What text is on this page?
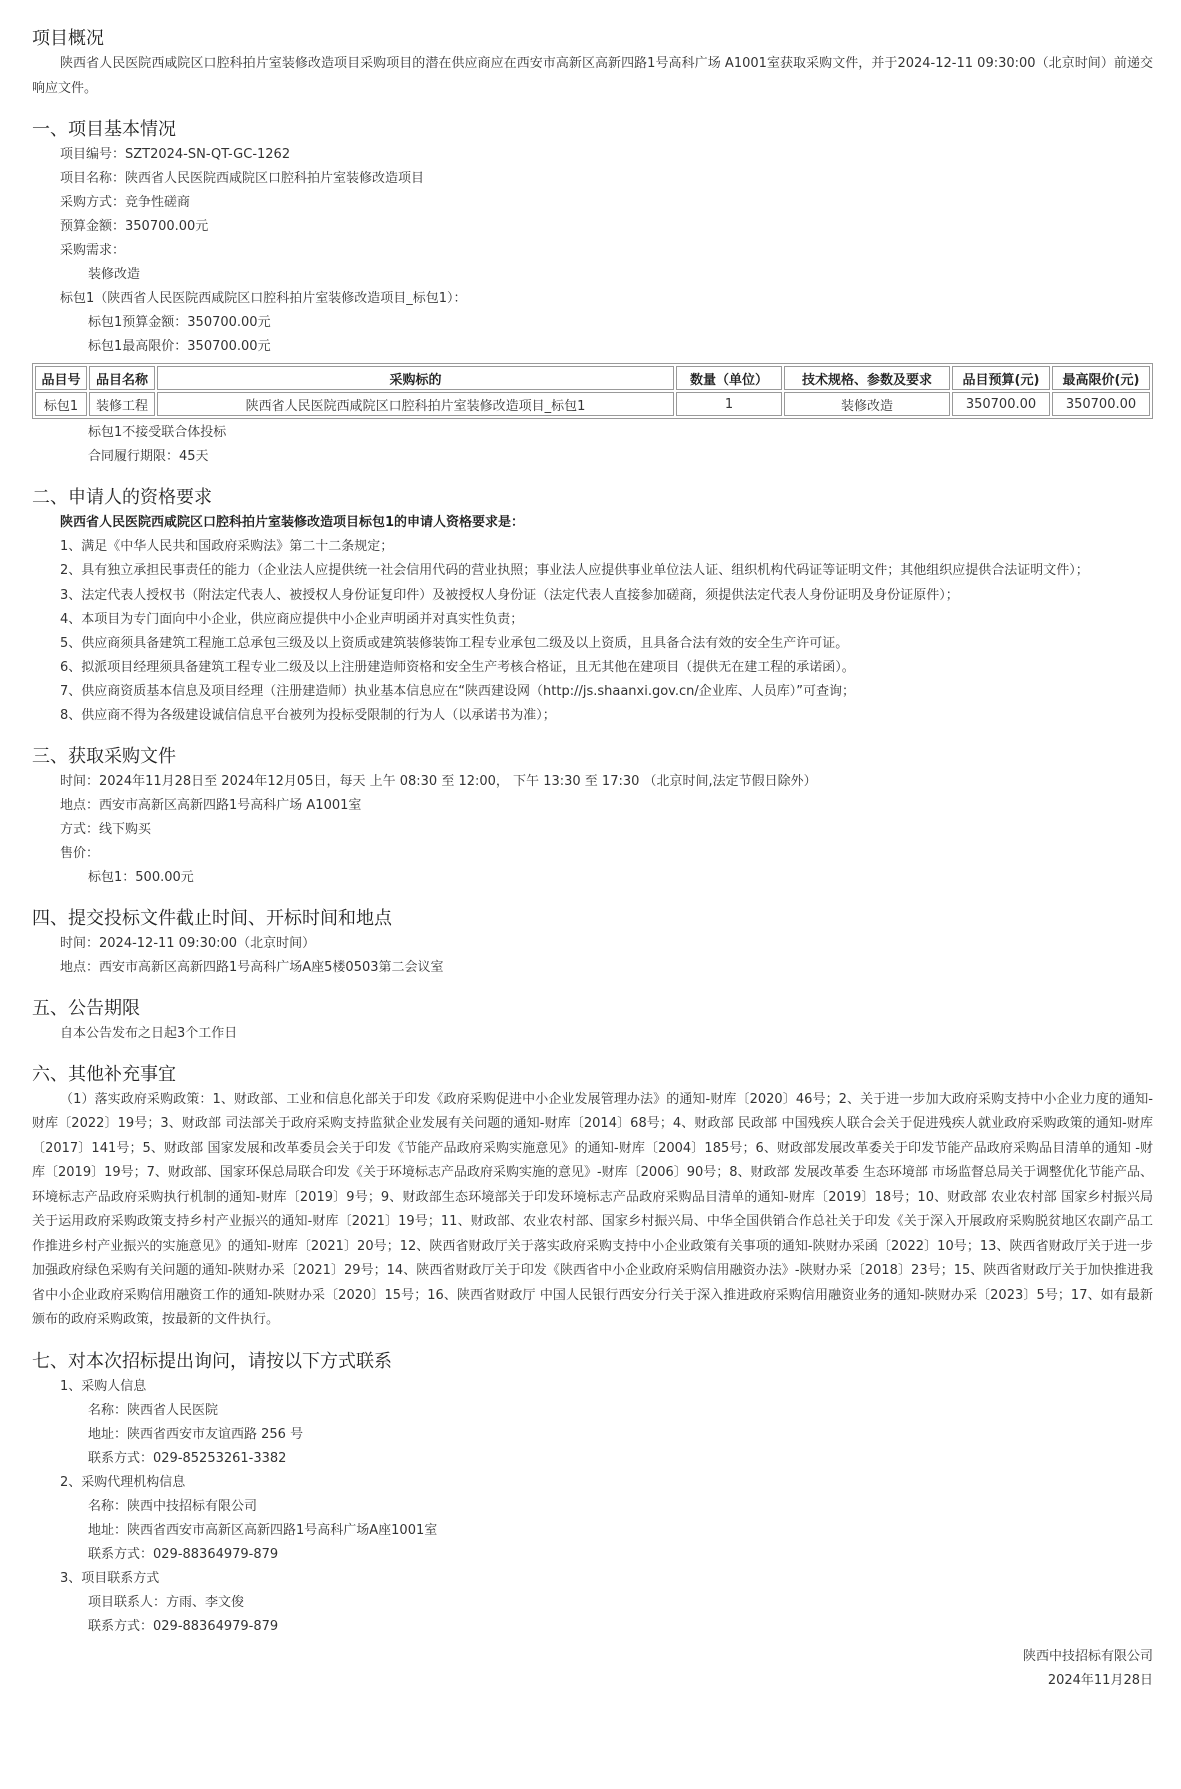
项目概况
陕西省人民医院西咸院区口腔科拍片室装修改造项目采购项目的潜在供应商应在西安市高新区高新四路1号高科广场 A1001室获取采购文件，并于2024-12-11 09:30:00（北京时间）前递交响应文件。
一、项目基本情况
项目编号：SZT2024-SN-QT-GC-1262
项目名称：陕西省人民医院西咸院区口腔科拍片室装修改造项目
采购方式：竞争性磋商
预算金额：350700.00元
采购需求：
装修改造
标包1（陕西省人民医院西咸院区口腔科拍片室装修改造项目_标包1）：
标包1预算金额：350700.00元
标包1最高限价：350700.00元
品目号	品目名称	采购标的	数量（单位）	技术规格、参数及要求	品目预算(元)	最高限价(元)
标包1	装修工程	陕西省人民医院西咸院区口腔科拍片室装修改造项目_标包1	1	装修改造	350700.00	350700.00
标包1不接受联合体投标
合同履行期限：45天
二、申请人的资格要求
陕西省人民医院西咸院区口腔科拍片室装修改造项目标包1的申请人资格要求是：
1、满足《中华人民共和国政府采购法》第二十二条规定；
2、具有独立承担民事责任的能力（企业法人应提供统一社会信用代码的营业执照；事业法人应提供事业单位法人证、组织机构代码证等证明文件；其他组织应提供合法证明文件）；
3、法定代表人授权书（附法定代表人、被授权人身份证复印件）及被授权人身份证（法定代表人直接参加磋商，须提供法定代表人身份证明及身份证原件）；
4、本项目为专门面向中小企业，供应商应提供中小企业声明函并对真实性负责；
5、供应商须具备建筑工程施工总承包三级及以上资质或建筑装修装饰工程专业承包二级及以上资质，且具备合法有效的安全生产许可证。
6、拟派项目经理须具备建筑工程专业二级及以上注册建造师资格和安全生产考核合格证，且无其他在建项目（提供无在建工程的承诺函）。
7、供应商资质基本信息及项目经理（注册建造师）执业基本信息应在“陕西建设网（http://js.shaanxi.gov.cn/企业库、人员库）”可查询；
8、供应商不得为各级建设诚信信息平台被列为投标受限制的行为人（以承诺书为准）；
三、获取采购文件
时间：2024年11月28日至 2024年12月05日，每天 上午 08:30 至 12:00， 下午 13:30 至 17:30 （北京时间,法定节假日除外）
地点：西安市高新区高新四路1号高科广场 A1001室
方式：线下购买
售价：
标包1：500.00元
四、提交投标文件截止时间、开标时间和地点
时间：2024-12-11 09:30:00（北京时间）
地点：西安市高新区高新四路1号高科广场A座5楼0503第二会议室
五、公告期限
自本公告发布之日起3个工作日
六、其他补充事宜
（1）落实政府采购政策：1、财政部、工业和信息化部关于印发《政府采购促进中小企业发展管理办法》的通知-财库〔2020〕46号；2、关于进一步加大政府采购支持中小企业力度的通知-财库〔2022〕19号；3、财政部 司法部关于政府采购支持监狱企业发展有关问题的通知-财库〔2014〕68号；4、财政部 民政部 中国残疾人联合会关于促进残疾人就业政府采购政策的通知-财库〔2017〕141号；5、财政部 国家发展和改革委员会关于印发《节能产品政府采购实施意见》的通知-财库〔2004〕185号；6、财政部发展改革委关于印发节能产品政府采购品目清单的通知 -财库〔2019〕19号；7、财政部、国家环保总局联合印发《关于环境标志产品政府采购实施的意见》-财库〔2006〕90号；8、财政部 发展改革委 生态环境部 市场监督总局关于调整优化节能产品、环境标志产品政府采购执行机制的通知-财库〔2019〕9号；9、财政部生态环境部关于印发环境标志产品政府采购品目清单的通知-财库〔2019〕18号；10、财政部 农业农村部 国家乡村振兴局关于运用政府采购政策支持乡村产业振兴的通知-财库〔2021〕19号；11、财政部、农业农村部、国家乡村振兴局、中华全国供销合作总社关于印发《关于深入开展政府采购脱贫地区农副产品工作推进乡村产业振兴的实施意见》的通知-财库〔2021〕20号；12、陕西省财政厅关于落实政府采购支持中小企业政策有关事项的通知-陕财办采函〔2022〕10号；13、陕西省财政厅关于进一步加强政府绿色采购有关问题的通知-陕财办采〔2021〕29号；14、陕西省财政厅关于印发《陕西省中小企业政府采购信用融资办法》-陕财办采〔2018〕23号；15、陕西省财政厅关于加快推进我省中小企业政府采购信用融资工作的通知-陕财办采〔2020〕15号；16、陕西省财政厅 中国人民银行西安分行关于深入推进政府采购信用融资业务的通知-陕财办采〔2023〕5号；17、如有最新颁布的政府采购政策，按最新的文件执行。
七、对本次招标提出询问，请按以下方式联系
1、采购人信息
名称：陕西省人民医院
地址：陕西省西安市友谊西路 256 号
联系方式：029-85253261-3382
2、采购代理机构信息
名称：陕西中技招标有限公司
地址：陕西省西安市高新区高新四路1号高科广场A座1001室
联系方式：029-88364979-879
3、项目联系方式
项目联系人：方雨、李文俊
联系方式：029-88364979-879
陕西中技招标有限公司
2024年11月28日
